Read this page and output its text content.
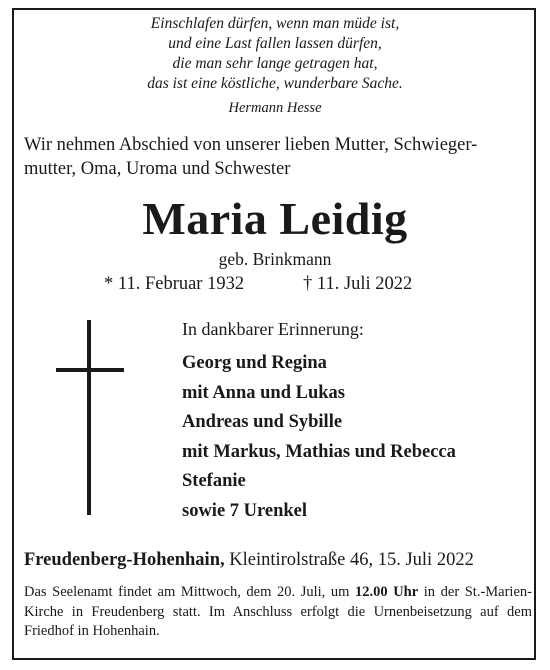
Einschlafen dürfen, wenn man müde ist,
und eine Last fallen lassen dürfen,
die man sehr lange getragen hat,
das ist eine köstliche, wunderbare Sache.
Hermann Hesse
Wir nehmen Abschied von unserer lieben Mutter, Schwieger-
mutter, Oma, Uroma und Schwester
Maria Leidig
geb. Brinkmann
* 11. Februar 1932	† 11. Juli 2022
In dankbarer Erinnerung:
Georg und Regina
mit Anna und Lukas
Andreas und Sybille
mit Markus, Mathias und Rebecca
Stefanie
sowie 7 Urenkel
Freudenberg-Hohenhain, Kleintirolstraße 46, 15. Juli 2022
Das Seelenamt findet am Mittwoch, dem 20. Juli, um 12.00 Uhr in der St.-Marien-Kirche in Freudenberg statt. Im Anschluss erfolgt die Urnenbeisetzung auf dem Friedhof in Hohenhain.
